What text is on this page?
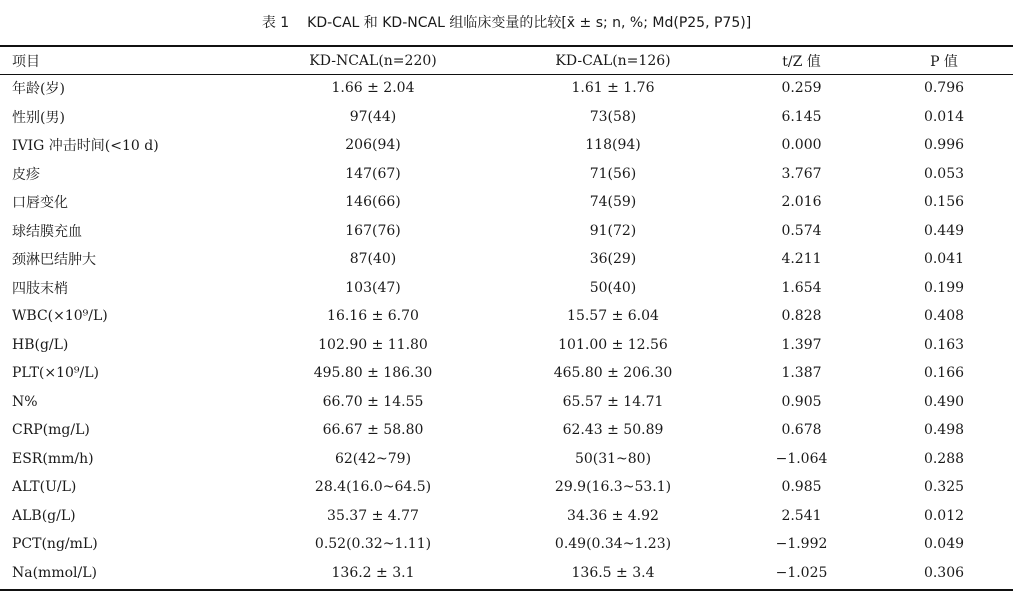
表 1 KD-CAL 和 KD-NCAL 组临床变量的比较[x̄ ± s; n, %; Md(P25, P75)]
项目	KD-NCAL(n=220)	KD-CAL(n=126)	t/Z 值	P 值
年龄(岁)	1.66 ± 2.04	1.61 ± 1.76	0.259	0.796
性别(男)	97(44)	73(58)	6.145	0.014
IVIG 冲击时间(<10 d)	206(94)	118(94)	0.000	0.996
皮疹	147(67)	71(56)	3.767	0.053
口唇变化	146(66)	74(59)	2.016	0.156
球结膜充血	167(76)	91(72)	0.574	0.449
颈淋巴结肿大	87(40)	36(29)	4.211	0.041
四肢末梢	103(47)	50(40)	1.654	0.199
WBC(×10⁹/L)	16.16 ± 6.70	15.57 ± 6.04	0.828	0.408
HB(g/L)	102.90 ± 11.80	101.00 ± 12.56	1.397	0.163
PLT(×10⁹/L)	495.80 ± 186.30	465.80 ± 206.30	1.387	0.166
N%	66.70 ± 14.55	65.57 ± 14.71	0.905	0.490
CRP(mg/L)	66.67 ± 58.80	62.43 ± 50.89	0.678	0.498
ESR(mm/h)	62(42~79)	50(31~80)	−1.064	0.288
ALT(U/L)	28.4(16.0~64.5)	29.9(16.3~53.1)	0.985	0.325
ALB(g/L)	35.37 ± 4.77	34.36 ± 4.92	2.541	0.012
PCT(ng/mL)	0.52(0.32~1.11)	0.49(0.34~1.23)	−1.992	0.049
Na(mmol/L)	136.2 ± 3.1	136.5 ± 3.4	−1.025	0.306
